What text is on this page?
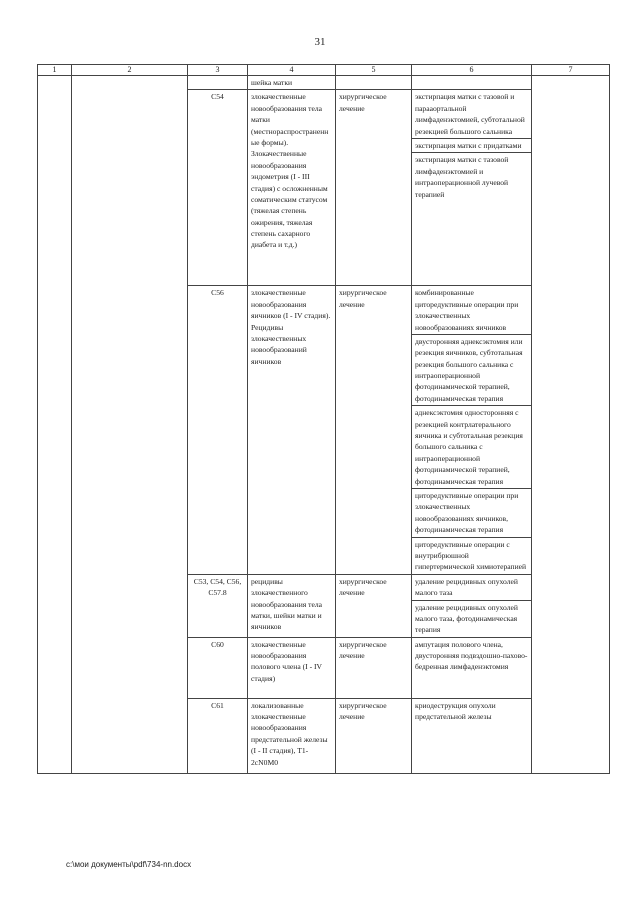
31
1	2	3	4	5	6	7
			шейка матки			
		C54	злокачественные новообразования тела матки (местнораспространенные формы). Злокачественные новообразования эндометрия (I - III стадия) с осложненным соматическим статусом (тяжелая степень ожирения, тяжелая степень сахарного диабета и т.д.)	хирургическое лечение	экстирпация матки с тазовой и парааортальной лимфаденэктомией, субтотальной резекцией большого сальника	
					экстирпация матки с придатками	
					экстирпация матки с тазовой лимфаденэктомией и интраоперационной лучевой терапией	
		C56	злокачественные новообразования яичников (I - IV стадия). Рецидивы злокачественных новообразований яичников	хирургическое лечение	комбинированные циторедуктивные операции при злокачественных новообразованиях яичников	
					двусторонняя аднексэктомия или резекция яичников, субтотальная резекция большого сальника с интраоперационной фотодинамической терапией, фотодинамическая терапия	
					аднексэктомия односторонняя с резекцией контрлатерального яичника и субтотальная резекция большого сальника с интраоперационной фотодинамической терапией, фотодинамическая терапия	
					циторедуктивные операции при злокачественных новообразованиях яичников, фотодинамическая терапия	
					циторедуктивные операции с внутрибрюшной гипертермической химиотерапией	
		C53, C54, C56, C57.8	рецидивы злокачественного новообразования тела матки, шейки матки и яичников	хирургическое лечение	удаление рецидивных опухолей малого таза	
					удаление рецидивных опухолей малого таза, фотодинамическая терапия	
		C60	злокачественные новообразования полового члена (I - IV стадия)	хирургическое лечение	ампутация полового члена, двусторонняя подвздошно-пахово-бедренная лимфаденэктомия	
		C61	локализованные злокачественные новообразования предстательной железы (I - II стадия), T1-2cN0M0	хирургическое лечение	криодеструкция опухоли предстательной железы	
c:\мои документы\pdf\734-nn.docx
